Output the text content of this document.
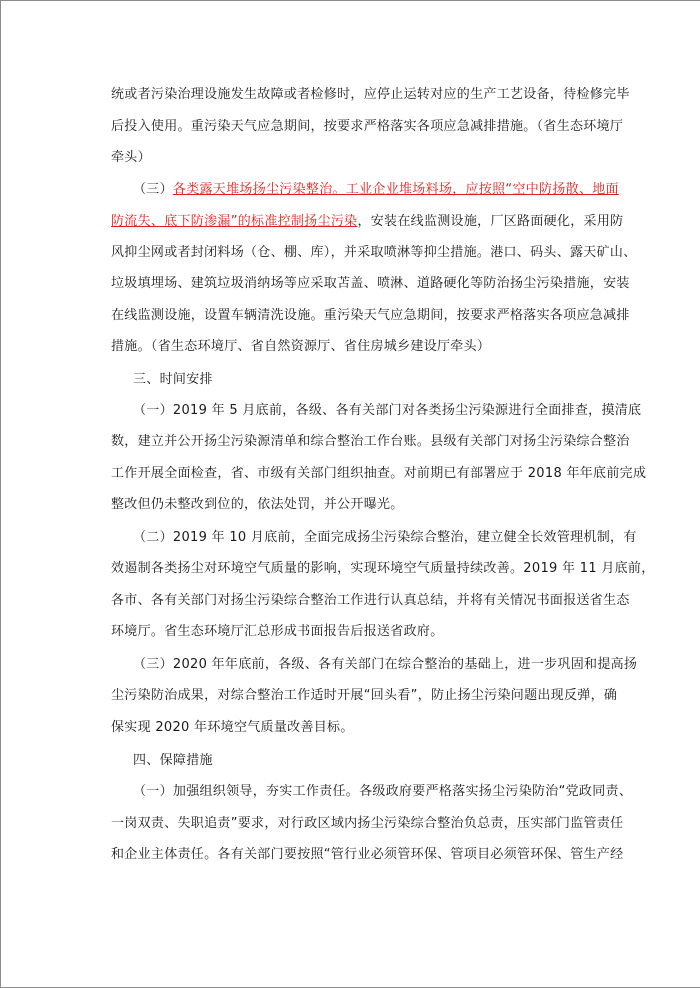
统或者污染治理设施发生故障或者检修时，应停止运转对应的生产工艺设备，待检修完毕
后投入使用。重污染天气应急期间，按要求严格落实各项应急减排措施。（省生态环境厅
牵头）
（三）各类露天堆场扬尘污染整治。工业企业堆场料场，应按照“空中防扬散、地面
防流失、底下防渗漏”的标准控制扬尘污染，安装在线监测设施，厂区路面硬化，采用防
风抑尘网或者封闭料场（仓、棚、库），并采取喷淋等抑尘措施。港口、码头、露天矿山、
垃圾填埋场、建筑垃圾消纳场等应采取苫盖、喷淋、道路硬化等防治扬尘污染措施，安装
在线监测设施，设置车辆清洗设施。重污染天气应急期间，按要求严格落实各项应急减排
措施。（省生态环境厅、省自然资源厅、省住房城乡建设厅牵头）
三、时间安排
（一）2019 年 5 月底前，各级、各有关部门对各类扬尘污染源进行全面排查，摸清底
数，建立并公开扬尘污染源清单和综合整治工作台账。县级有关部门对扬尘污染综合整治
工作开展全面检查，省、市级有关部门组织抽查。对前期已有部署应于 2018 年年底前完成
整改但仍未整改到位的，依法处罚，并公开曝光。
（二）2019 年 10 月底前，全面完成扬尘污染综合整治，建立健全长效管理机制，有
效遏制各类扬尘对环境空气质量的影响，实现环境空气质量持续改善。2019 年 11 月底前，
各市、各有关部门对扬尘污染综合整治工作进行认真总结，并将有关情况书面报送省生态
环境厅。省生态环境厅汇总形成书面报告后报送省政府。
（三）2020 年年底前，各级、各有关部门在综合整治的基础上，进一步巩固和提高扬
尘污染防治成果，对综合整治工作适时开展“回头看”，防止扬尘污染问题出现反弹，确
保实现 2020 年环境空气质量改善目标。
四、保障措施
（一）加强组织领导，夯实工作责任。各级政府要严格落实扬尘污染防治“党政同责、
一岗双责、失职追责”要求，对行政区域内扬尘污染综合整治负总责，压实部门监管责任
和企业主体责任。各有关部门要按照“管行业必须管环保、管项目必须管环保、管生产经
